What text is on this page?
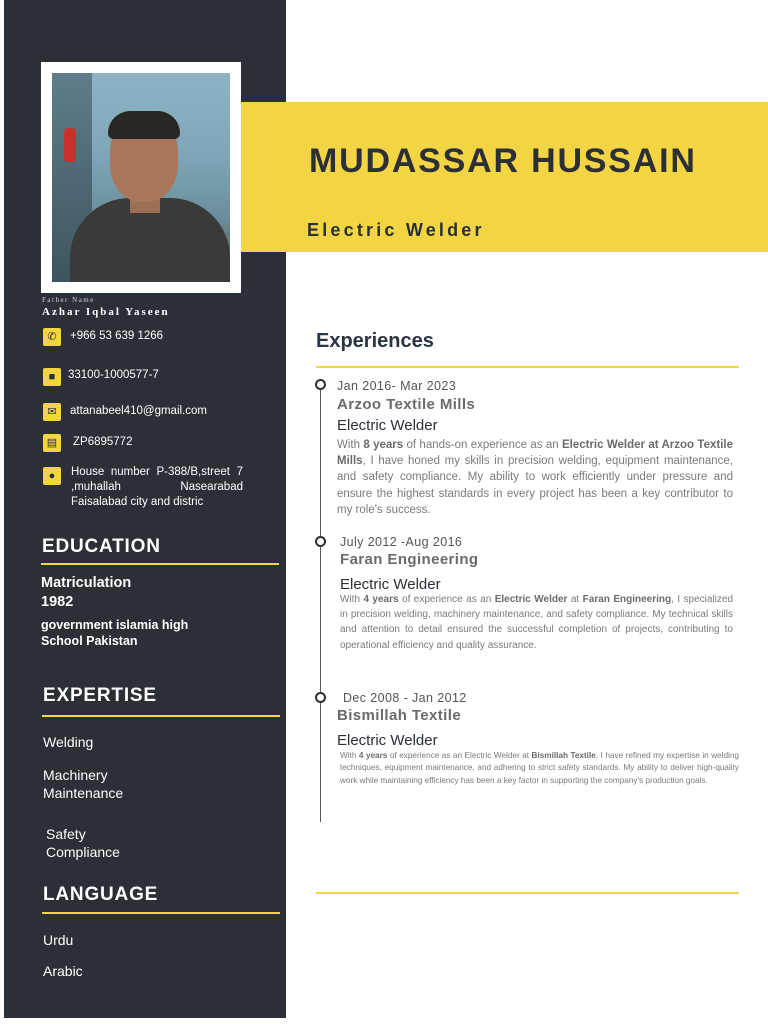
Father Name
Azhar Iqbal Yaseen
✆	+966 53 639 1266
■	33100-1000577-7
✉	attanabeel410@gmail.com
▤	ZP6895772
●	House number P-388/B,street 7 ,muhallah Nasearabad Faisalabad city and distric
EDUCATION
Matriculation
1982
government islamia high School Pakistan
EXPERTISE
Welding
Machinery Maintenance
Safety Compliance
LANGUAGE
Urdu
Arabic
MUDASSAR HUSSAIN
Electric Welder
Experiences
Jan 2016- Mar 2023
Arzoo Textile Mills
Electric Welder
With 8 years of hands-on experience as an Electric Welder at Arzoo Textile Mills, I have honed my skills in precision welding, equipment maintenance, and safety compliance. My ability to work efficiently under pressure and ensure the highest standards in every project has been a key contributor to my role's success.
July 2012 -Aug 2016
Faran Engineering
Electric Welder
With 4 years of experience as an Electric Welder at Faran Engineering, I specialized in precision welding, machinery maintenance, and safety compliance. My technical skills and attention to detail ensured the successful completion of projects, contributing to operational efficiency and quality assurance.
Dec 2008 - Jan 2012
Bismillah Textile
Electric Welder
With 4 years of experience as an Electric Welder at Bismillah Textile, I have refined my expertise in welding techniques, equipment maintenance, and adhering to strict safety standards. My ability to deliver high-quality work while maintaining efficiency has been a key factor in supporting the company's production goals.
